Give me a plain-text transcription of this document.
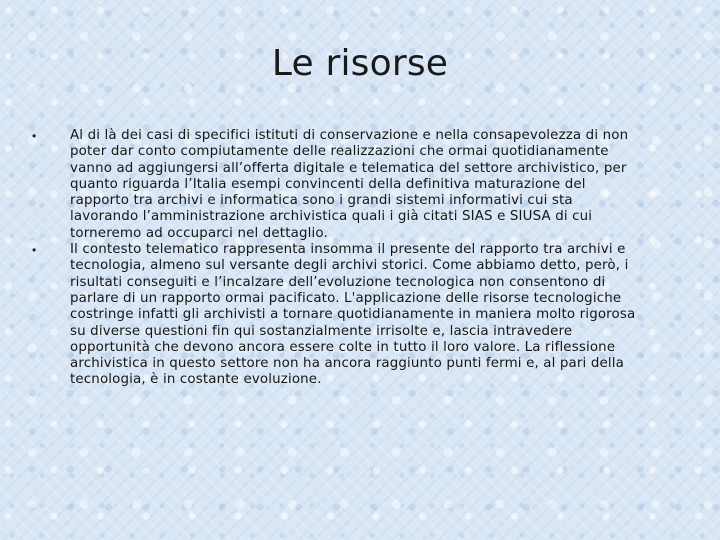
Le risorse
•	Al di là dei casi di specifici istituti di conservazione e nella consapevolezza di non
poter dar conto compiutamente delle realizzazioni che ormai quotidianamente
vanno ad aggiungersi all’offerta digitale e telematica del settore archivistico, per
quanto riguarda l’Italia esempi convincenti della definitiva maturazione del
rapporto tra archivi e informatica sono i grandi sistemi informativi cui sta
lavorando l’amministrazione archivistica quali i già citati SIAS e SIUSA di cui
torneremo ad occuparci nel dettaglio.
•	Il contesto telematico rappresenta insomma il presente del rapporto tra archivi e
tecnologia, almeno sul versante degli archivi storici. Come abbiamo detto, però, i
risultati conseguiti e l’incalzare dell’evoluzione tecnologica non consentono di
parlare di un rapporto ormai pacificato. L'applicazione delle risorse tecnologiche
costringe infatti gli archivisti a tornare quotidianamente in maniera molto rigorosa
su diverse questioni fin qui sostanzialmente irrisolte e, lascia intravedere
opportunità che devono ancora essere colte in tutto il loro valore. La riflessione
archivistica in questo settore non ha ancora raggiunto punti fermi e, al pari della
tecnologia, è in costante evoluzione.
